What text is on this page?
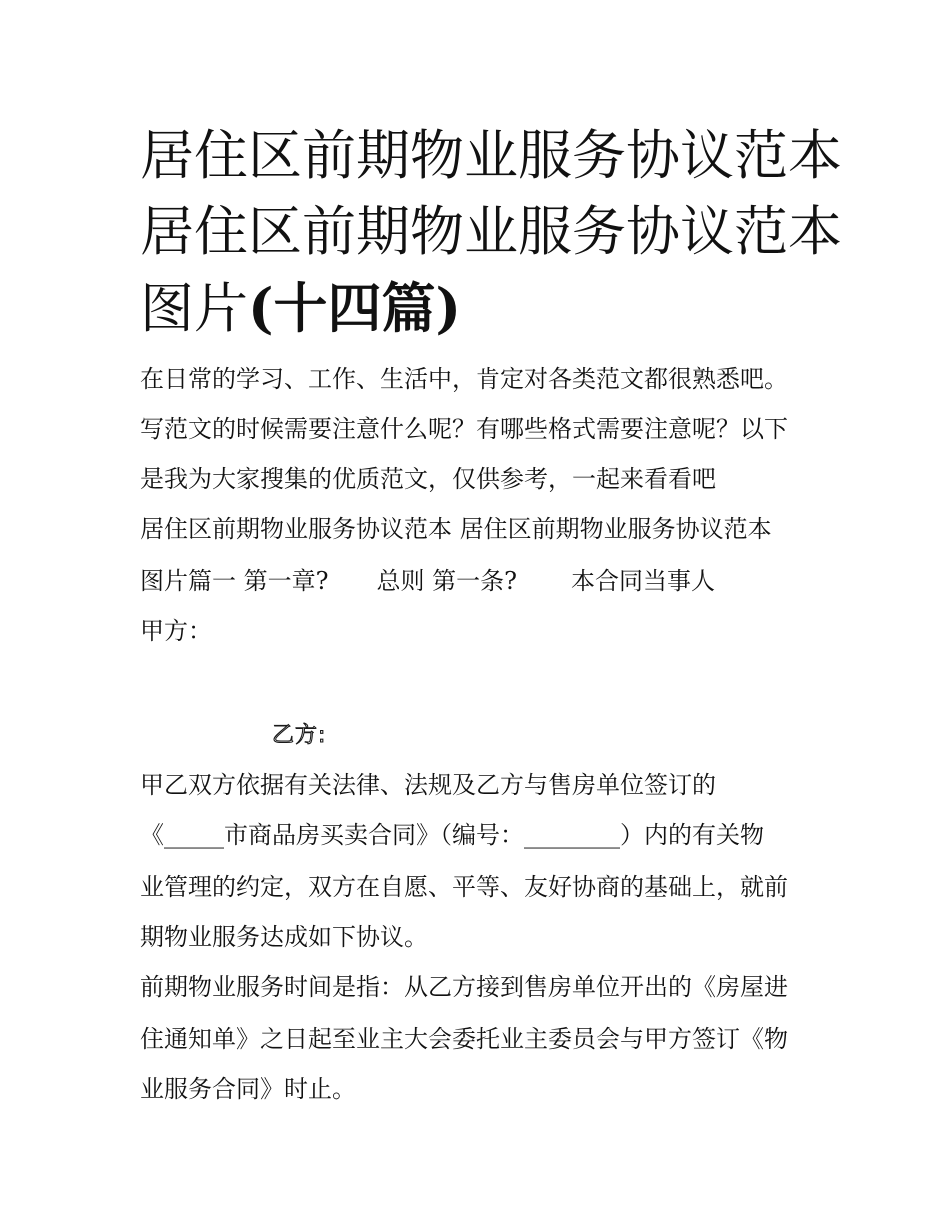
居住区前期物业服务协议范本
居住区前期物业服务协议范本
图片(十四篇)

在日常的学习、工作、生活中，肯定对各类范文都很熟悉吧。

写范文的时候需要注意什么呢？有哪些格式需要注意呢？以下

是我为大家搜集的优质范文，仅供参考，一起来看看吧

居住区前期物业服务协议范本 居住区前期物业服务协议范本

图片篇一 第一章? 总则 第一条? 本合同当事人

甲方：

乙方:

甲乙双方依据有关法律、法规及乙方与售房单位签订的

《_____市商品房买卖合同》（编号：________）内的有关物

业管理的约定，双方在自愿、平等、友好协商的基础上，就前

期物业服务达成如下协议。

前期物业服务时间是指：从乙方接到售房单位开出的《房屋进

住通知单》之日起至业主大会委托业主委员会与甲方签订《物

业服务合同》时止。
